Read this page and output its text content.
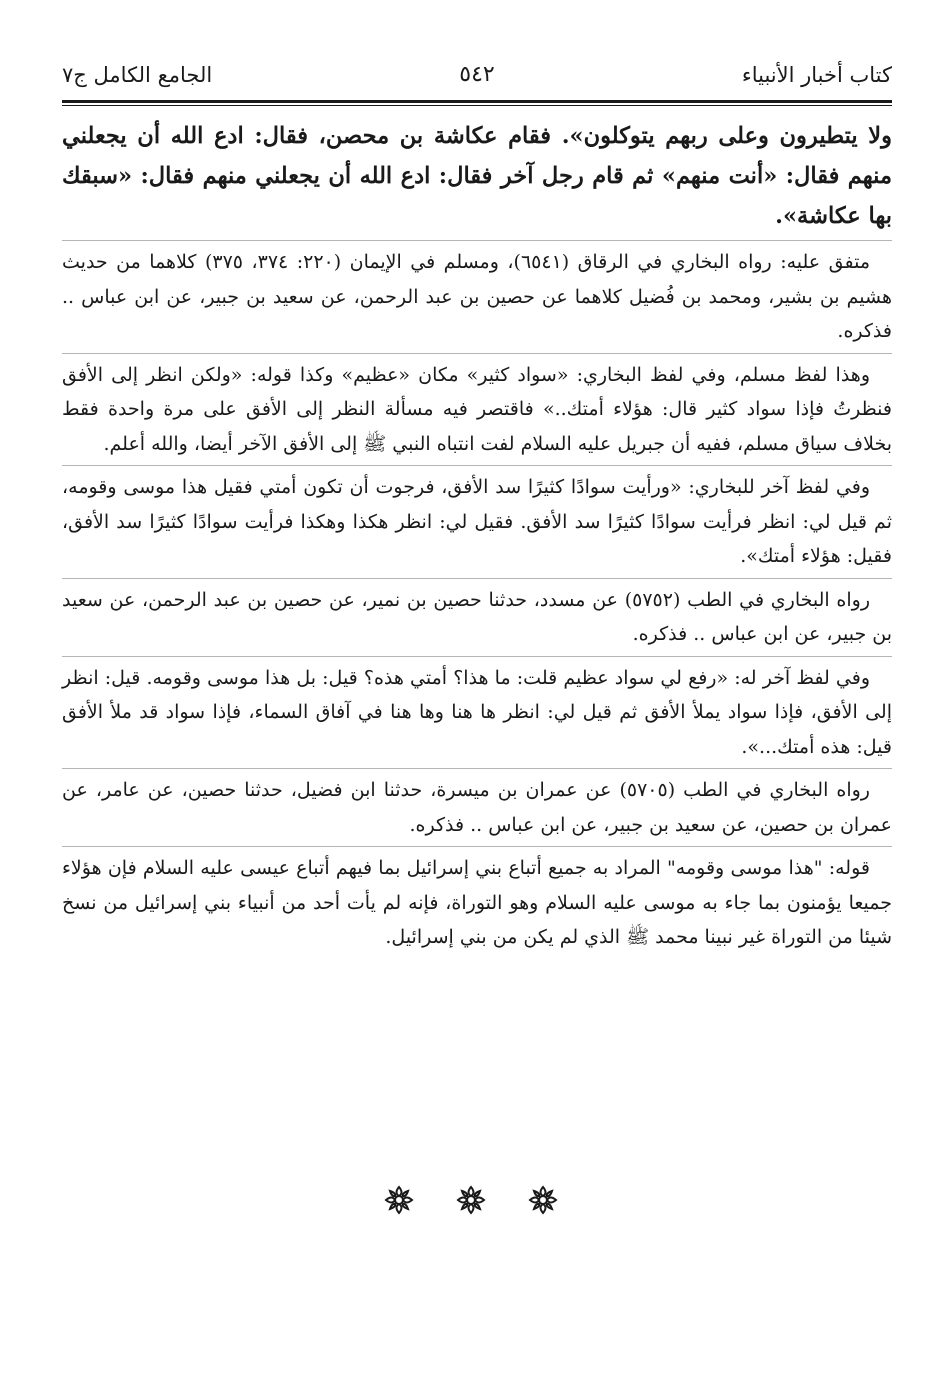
كتاب أخبار الأنبياء
٥٤٢
الجامع الكامل ج٧

ولا يتطيرون وعلى ربهم يتوكلون». فقام عكاشة بن محصن، فقال: ادع الله أن يجعلني منهم فقال: «أنت منهم» ثم قام رجل آخر فقال: ادع الله أن يجعلني منهم فقال: «سبقك بها عكاشة».

متفق عليه: رواه البخاري في الرقاق (٦٥٤١)، ومسلم في الإيمان (٢٢٠: ٣٧٤، ٣٧٥) كلاهما من حديث هشيم بن بشير، ومحمد بن فُضيل كلاهما عن حصين بن عبد الرحمن، عن سعيد بن جبير، عن ابن عباس .. فذكره.

وهذا لفظ مسلم، وفي لفظ البخاري: «سواد كثير» مكان «عظيم» وكذا قوله: «ولكن انظر إلى الأفق فنظرتُ فإذا سواد كثير قال: هؤلاء أمتك..» فاقتصر فيه مسألة النظر إلى الأفق على مرة واحدة فقط بخلاف سياق مسلم، ففيه أن جبريل عليه السلام لفت انتباه النبي ﷺ إلى الأفق الآخر أيضا، والله أعلم.

وفي لفظ آخر للبخاري: «ورأيت سوادًا كثيرًا سد الأفق، فرجوت أن تكون أمتي فقيل هذا موسى وقومه، ثم قيل لي: انظر فرأيت سوادًا كثيرًا سد الأفق. فقيل لي: انظر هكذا وهكذا فرأيت سوادًا كثيرًا سد الأفق، فقيل: هؤلاء أمتك».

رواه البخاري في الطب (٥٧٥٢) عن مسدد، حدثنا حصين بن نمير، عن حصين بن عبد الرحمن، عن سعيد بن جبير، عن ابن عباس .. فذكره.

وفي لفظ آخر له: «رفع لي سواد عظيم قلت: ما هذا؟ أمتي هذه؟ قيل: بل هذا موسى وقومه. قيل: انظر إلى الأفق، فإذا سواد يملأ الأفق ثم قيل لي: انظر ها هنا وها هنا في آفاق السماء، فإذا سواد قد ملأ الأفق قيل: هذه أمتك...».

رواه البخاري في الطب (٥٧٠٥) عن عمران بن ميسرة، حدثنا ابن فضيل، حدثنا حصين، عن عامر، عن عمران بن حصين، عن سعيد بن جبير، عن ابن عباس .. فذكره.

قوله: "هذا موسى وقومه" المراد به جميع أتباع بني إسرائيل بما فيهم أتباع عيسى عليه السلام فإن هؤلاء جميعا يؤمنون بما جاء به موسى عليه السلام وهو التوراة، فإنه لم يأت أحد من أنبياء بني إسرائيل من نسخ شيئا من التوراة غير نبينا محمد ﷺ الذي لم يكن من بني إسرائيل.
